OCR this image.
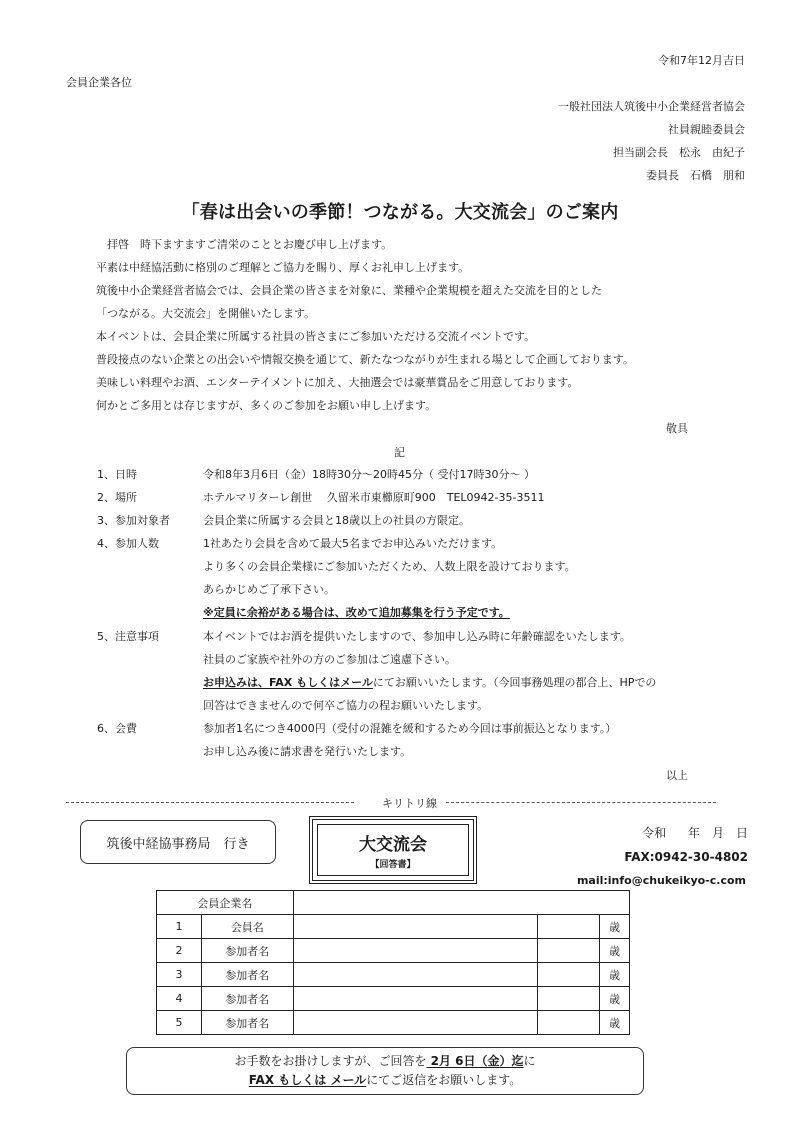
令和7年12月吉日
会員企業各位
一般社団法人筑後中小企業経営者協会
社員親睦委員会
担当副会長　松永　由紀子
委員長　石橋　朋和
「春は出会いの季節！つながる。大交流会」のご案内
　拝啓　時下ますますご清栄のこととお慶び申し上げます。
平素は中経協活動に格別のご理解とご協力を賜り、厚くお礼申し上げます。
筑後中小企業経営者協会では、会員企業の皆さまを対象に、業種や企業規模を超えた交流を目的とした
「つながる。大交流会」を開催いたします。
本イベントは、会員企業に所属する社員の皆さまにご参加いただける交流イベントです。
普段接点のない企業との出会いや情報交換を通じて、新たなつながりが生まれる場として企画しております。
美味しい料理やお酒、エンターテイメントに加え、大抽選会では豪華賞品をご用意しております。
何かとご多用とは存じますが、多くのご参加をお願い申し上げます。
敬具
記
1、日時	令和8年3月6日（金）18時30分～20時45分（ 受付17時30分～ ）
2、場所	ホテルマリターレ創世　 久留米市東櫛原町900　TEL0942-35-3511
3、参加対象者	会員企業に所属する会員と18歳以上の社員の方限定。
4、参加人数	1社あたり会員を含めて最大5名までお申込みいただけます。
より多くの会員企業様にご参加いただくため、人数上限を設けております。
あらかじめご了承下さい。
※定員に余裕がある場合は、改めて追加募集を行う予定です。
5、注意事項	本イベントではお酒を提供いたしますので、参加申し込み時に年齢確認をいたします。
社員のご家族や社外の方のご参加はご遠慮下さい。
お申込みは、FAX もしくはメールにてお願いいたします。（今回事務処理の都合上、HPでの
回答はできませんので何卒ご協力の程お願いいたします。
6、会費	参加者1名につき4000円（受付の混雑を緩和するため今回は事前振込となります。）
お申し込み後に請求書を発行いたします。
以上
キリトリ線
筑後中経協事務局　行き	大交流会
【回答書】
令和　 年　月　日
FAX:0942-30-4802
mail:info@chukeikyo-c.com
会員企業名				
1	会員名			歳
2	参加者名			歳
3	参加者名			歳
4	参加者名			歳
5	参加者名			歳
お手数をお掛けしますが、ご回答を 2月 6日（金）迄に
FAX もしくは メールにてご返信をお願いします。
